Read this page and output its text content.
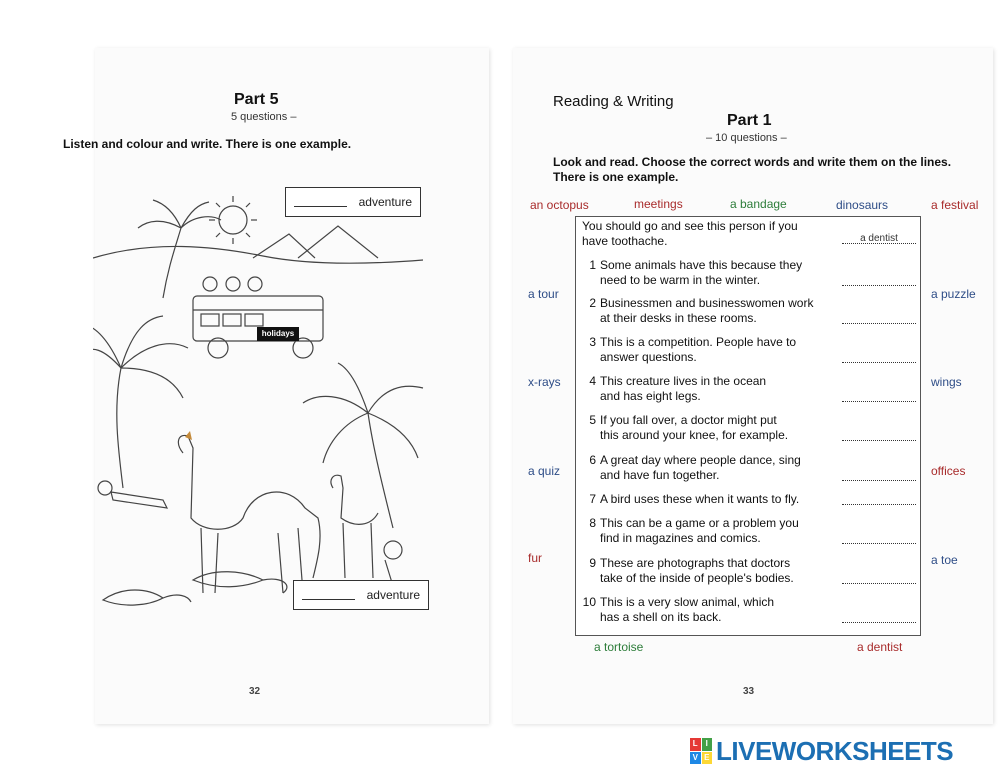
Part 5
5 questions –
Listen and colour and write. There is one example.
adventure
holidays
adventure
32
Reading & Writing
Part 1
– 10 questions –
Look and read. Choose the correct words and write them on the lines.
There is one example.
an octopus	meetings	a bandage	dinosaurs	a festival
a tour	a puzzle
x-rays	wings
a quiz	offices
fur	a toe
a tortoise	a dentist
You should go and see this person if you
have toothache.	a dentist
1 Some animals have this because they
need to be warm in the winter.
2 Businessmen and businesswomen work
at their desks in these rooms.
3 This is a competition. People have to
answer questions.
4 This creature lives in the ocean
and has eight legs.
5 If you fall over, a doctor might put
this around your knee, for example.
6 A great day where people dance, sing
and have fun together.
7 A bird uses these when it wants to fly.
8 This can be a game or a problem you
find in magazines and comics.
9 These are photographs that doctors
take of the inside of people's bodies.
10 This is a very slow animal, which
has a shell on its back.
33
L I
V E LIVEWORKSHEETS
